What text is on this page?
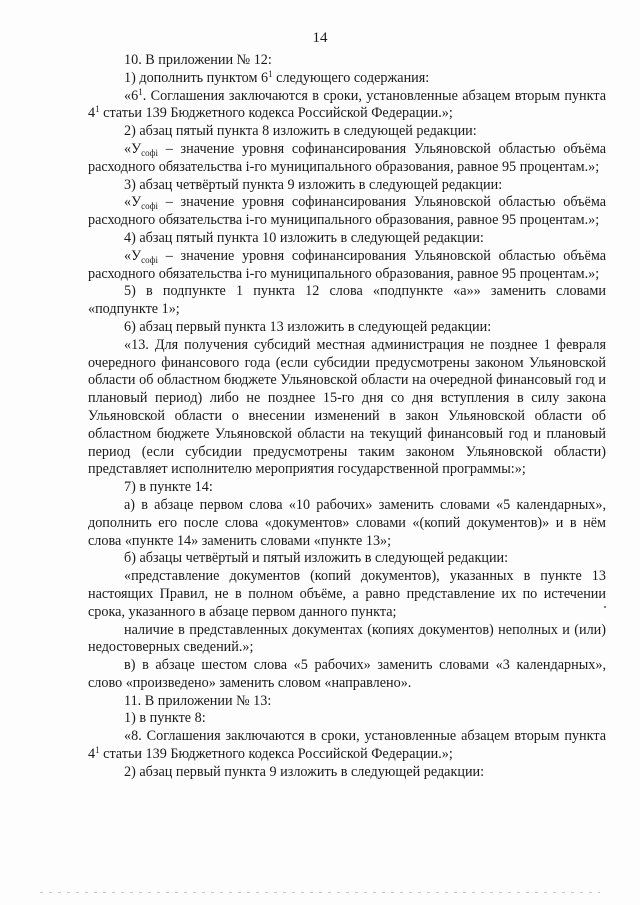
14

10. В приложении № 12:

1) дополнить пунктом $6^1$ следующего содержания:

«$6^1$. Соглашения заключаются в сроки, установленные абзацем вторым пункта $4^1$ статьи 139 Бюджетного кодекса Российской Федерации.»;

2) абзац пятый пункта 8 изложить в следующей редакции:

«$У_{софi}$ – значение уровня софинансирования Ульяновской областью объёма расходного обязательства i-го муниципального образования, равное 95 процентам.»;

3) абзац четвёртый пункта 9 изложить в следующей редакции:

«$У_{софi}$ – значение уровня софинансирования Ульяновской областью объёма расходного обязательства i-го муниципального образования, равное 95 процентам.»;

4) абзац пятый пункта 10 изложить в следующей редакции:

«$У_{софi}$ – значение уровня софинансирования Ульяновской областью объёма расходного обязательства i-го муниципального образования, равное 95 процентам.»;

5) в подпункте 1 пункта 12 слова «подпункте «а»» заменить словами «подпункте 1»;

6) абзац первый пункта 13 изложить в следующей редакции:

«13. Для получения субсидий местная администрация не позднее 1 февраля очередного финансового года (если субсидии предусмотрены законом Ульяновской области об областном бюджете Ульяновской области на очередной финансовый год и плановый период) либо не позднее 15-го дня со дня вступления в силу закона Ульяновской области о внесении изменений в закон Ульяновской области об областном бюджете Ульяновской области на текущий финансовый год и плановый период (если субсидии предусмотрены таким законом Ульяновской области) представляет исполнителю мероприятия государственной программы:»;

7) в пункте 14:

а) в абзаце первом слова «10 рабочих» заменить словами «5 календарных», дополнить его после слова «документов» словами «(копий документов)» и в нём слова «пункте 14» заменить словами «пункте 13»;

б) абзацы четвёртый и пятый изложить в следующей редакции:

«представление документов (копий документов), указанных в пункте 13 настоящих Правил, не в полном объёме, а равно представление их по истечении срока, указанного в абзаце первом данного пункта;

наличие в представленных документах (копиях документов) неполных и (или) недостоверных сведений.»;

в) в абзаце шестом слова «5 рабочих» заменить словами «3 календарных», слово «произведено» заменить словом «направлено».

11. В приложении № 13:

1) в пункте 8:

«8. Соглашения заключаются в сроки, установленные абзацем вторым пункта $4^1$ статьи 139 Бюджетного кодекса Российской Федерации.»;

2) абзац первый пункта 9 изложить в следующей редакции:
